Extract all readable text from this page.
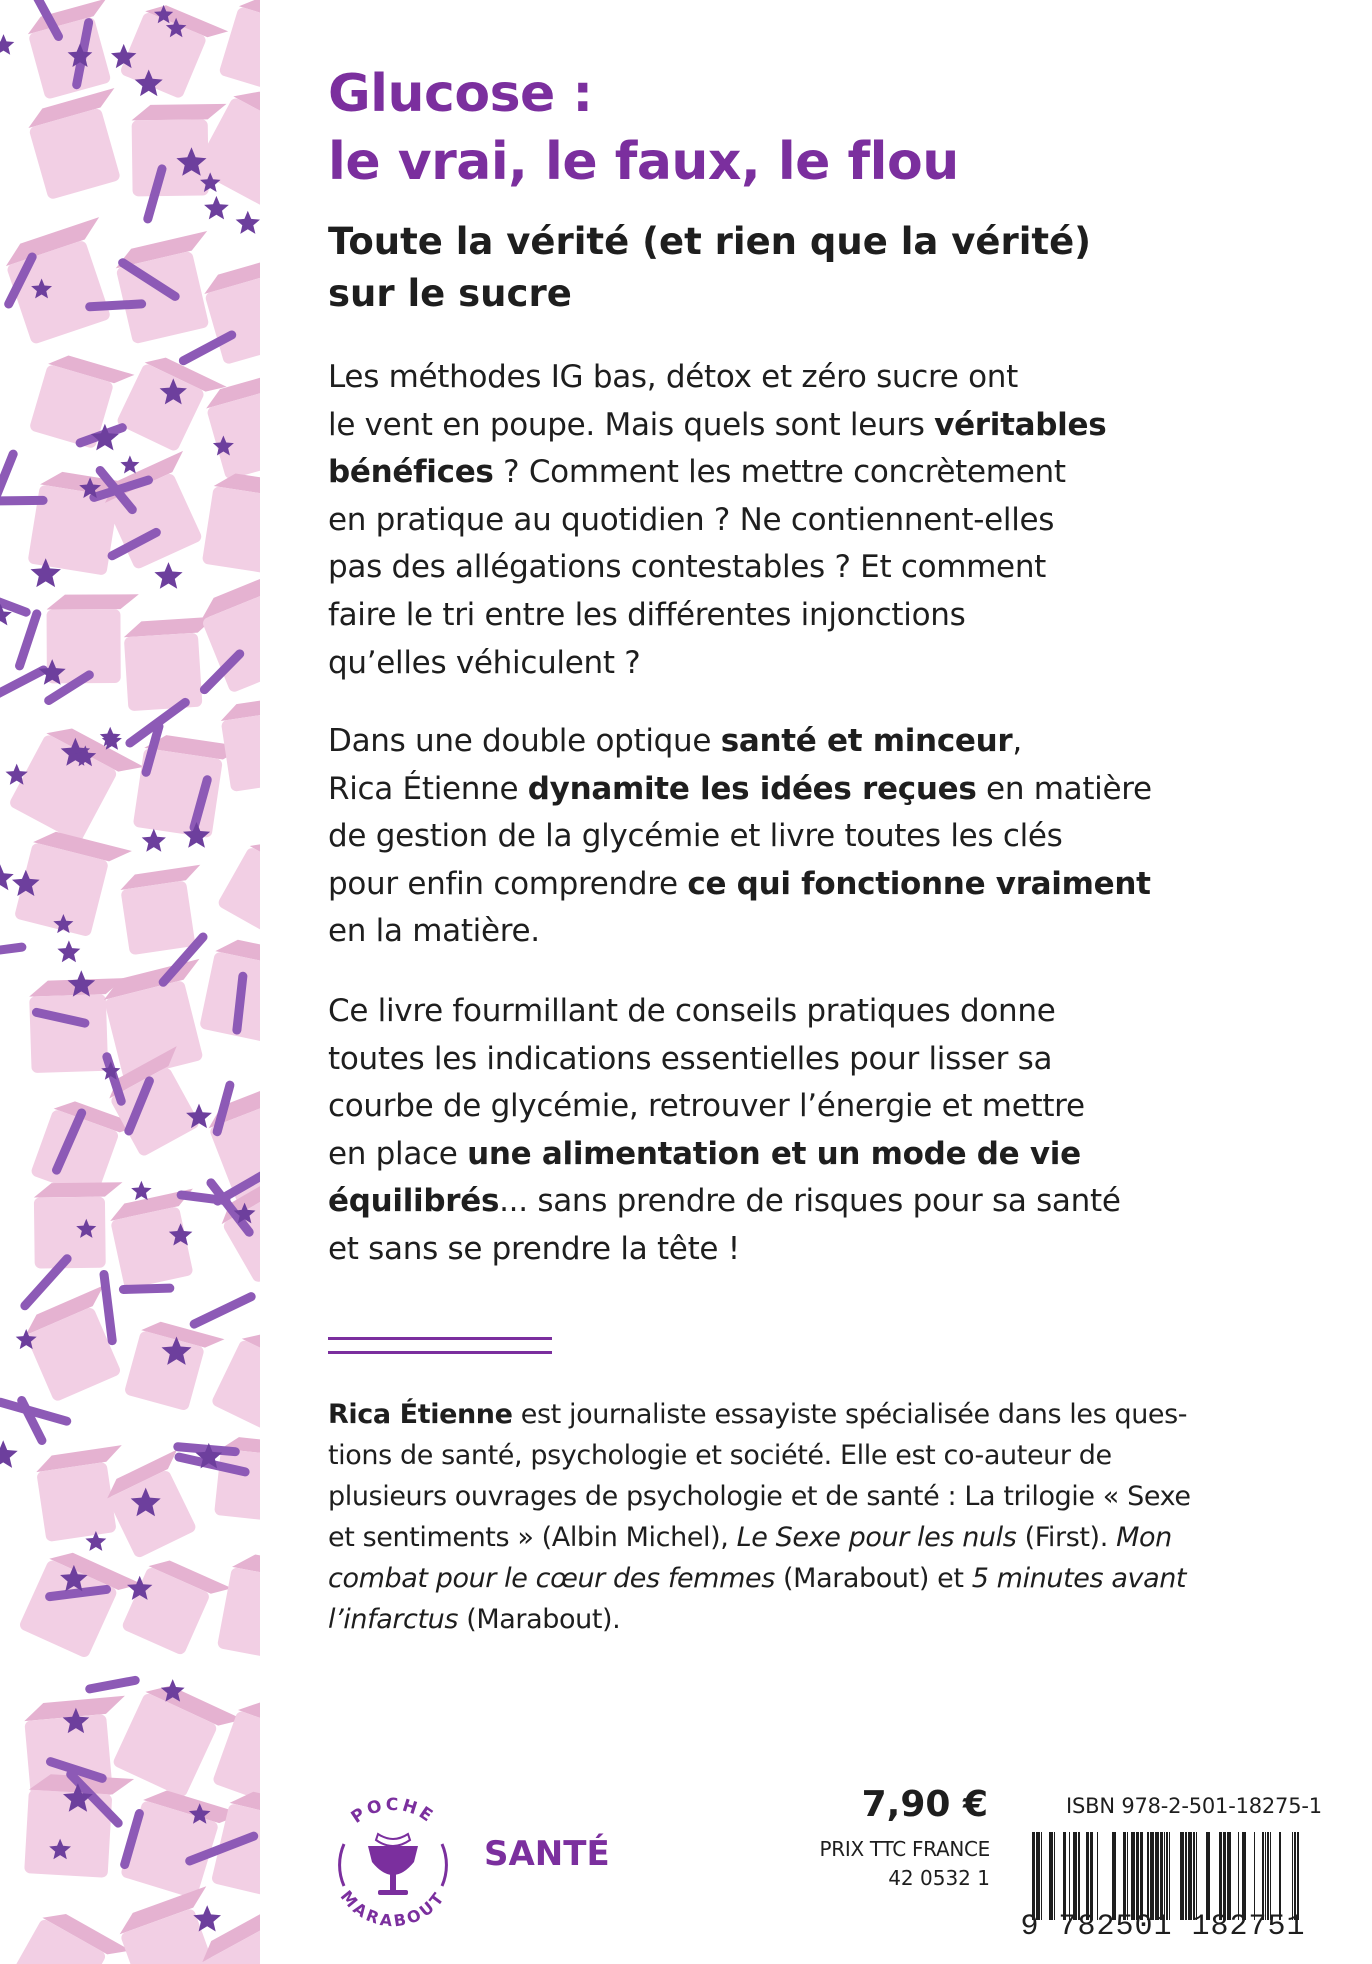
Glucose :
le vrai, le faux, le flou
Toute la vérité (et rien que la vérité)
sur le sucre

Les méthodes IG bas, détox et zéro sucre ont
le vent en poupe. Mais quels sont leurs véritables
bénéfices ? Comment les mettre concrètement
en pratique au quotidien ? Ne contiennent-elles
pas des allégations contestables ? Et comment
faire le tri entre les différentes injonctions
qu’elles véhiculent ?

Dans une double optique santé et minceur,
Rica Étienne dynamite les idées reçues en matière
de gestion de la glycémie et livre toutes les clés
pour enfin comprendre ce qui fonctionne vraiment
en la matière.

Ce livre fourmillant de conseils pratiques donne
toutes les indications essentielles pour lisser sa
courbe de glycémie, retrouver l’énergie et mettre
en place une alimentation et un mode de vie
équilibrés... sans prendre de risques pour sa santé
et sans se prendre la tête !

Rica Étienne est journaliste essayiste spécialisée dans les ques-
tions de santé, psychologie et société. Elle est co-auteur de
plusieurs ouvrages de psychologie et de santé : La trilogie « Sexe
et sentiments » (Albin Michel), Le Sexe pour les nuls (First). Mon
combat pour le cœur des femmes (Marabout) et 5 minutes avant
l’infarctus (Marabout).

POCHE
MARABOUT

SANTÉ

7,90 €

PRIX TTC FRANCE

42 0532 1

ISBN 978-2-501-18275-1

9 782501 182751
